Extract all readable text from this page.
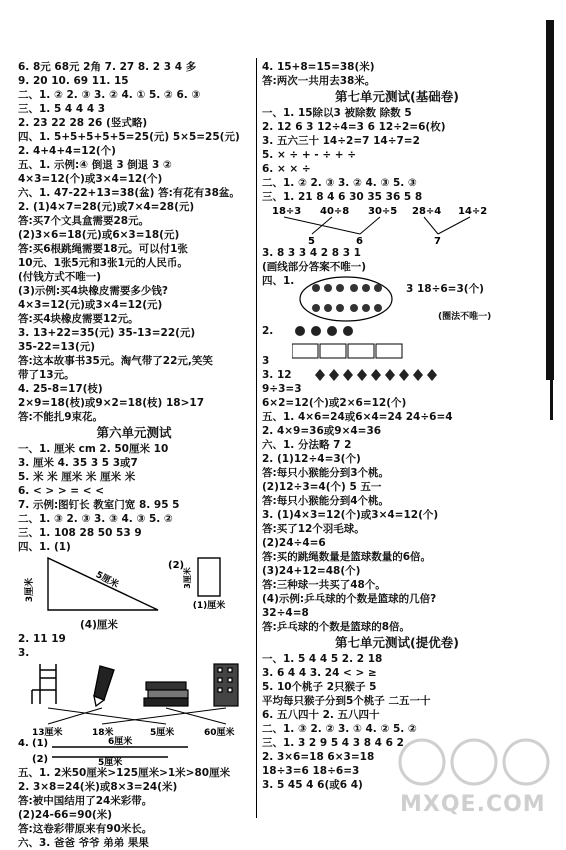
6. 8元 68元 2角 7. 27 8. 2 3 4 多
9. 20 10. 69 11. 15
二、1. ② 2. ③ 3. ② 4. ① 5. ② 6. ③
三、1. 5 4 4 4 3
2. 23 22 28 26 (竖式略)
四、1. 5+5+5+5+5=25(元) 5×5=25(元)
2. 4+4+4=12(个)
五、1. 示例:④ 倒退 3 倒退 3 ②
4×3=12(个)或3×4=12(个)
六、1. 47-22+13=38(盆) 答:有花有38盆。
2. (1)4×7=28(元)或7×4=28(元)
答:买7个文具盒需要28元。
(2)3×6=18(元)或6×3=18(元)
答:买6根跳绳需要18元。可以付1张
10元、1张5元和3张1元的人民币。
(付钱方式不唯一)
(3)示例:买4块橡皮需要多少钱?
4×3=12(元)或3×4=12(元)
答:买4块橡皮需要12元。
3. 13+22=35(元) 35-13=22(元)
35-22=13(元)
答:这本故事书35元。淘气带了22元,笑笑
带了13元。
4. 25-8=17(枝)
2×9=18(枝)或9×2=18(枝) 18>17
答:不能扎9束花。
第六单元测试
一、1. 厘米 cm 2. 50厘米 10
3. 厘米 4. 35 3 5 3或7
5. 米 米 厘米 米 厘米 米
6. < > > = < <
7. 示例:图钉长 教室门宽 8. 95 5
二、1. ③ 2. ③ 3. ③ 4. ③ 5. ②
三、1. 108 28 50 53 9
四、1. (1)
3厘米	5厘米
(2)
3厘米
(1)厘米
(4)厘米
2. 11 19
3.
13厘米	18米	5厘米	60厘米
4. (1)	6厘米
(2)	5厘米
五、1. 2米50厘米>125厘米>1米>80厘米
2. 3×8=24(米)或8×3=24(米)
答:被中国结用了24米彩带。
(2)24-66=90(米)
答:这卷彩带原来有90米长。
六、3. 爸爸 爷爷 弟弟 果果
4. 15+8=15=38(米)
答:两次一共用去38米。
第七单元测试(基础卷)
一、1. 15除以3 被除数 除数 5
2. 12 6 3 12÷4=3 6 12÷2=6(枚)
3. 五六三十 14÷2=7 14÷7=2
5. × ÷ + - ÷ + ÷
6. × × ÷
二、1. ② 2. ③ 3. ② 4. ③ 5. ③
三、1. 21 8 4 6 30 35 36 5 8
18÷3 40÷8 30÷5 28÷4 14÷2
5	6	7
3. 8 3 3 4 2 8 3 1
(画线部分答案不唯一)
四、1.
3 18÷6=3(个)
(圈法不唯一)
2.
3
3. 12
9÷3=3
6×2=12(个)或2×6=12(个)
五、1. 4×6=24或6×4=24 24÷6=4
2. 4×9=36或9×4=36
六、1. 分法略 7 2
2. (1)12÷4=3(个)
答:每只小猴能分到3个桃。
(2)12÷3=4(个) 5 五一
答:每只小猴能分到4个桃。
3. (1)4×3=12(个)或3×4=12(个)
答:买了12个羽毛球。
(2)24÷4=6
答:买的跳绳数量是篮球数量的6倍。
(3)24+12=48(个)
答:三种球一共买了48个。
(4)示例:乒乓球的个数是篮球的几倍?
32÷4=8
答:乒乓球的个数是篮球的8倍。
第七单元测试(提优卷)
一、1. 5 4 4 5 2. 2 18
3. 6 4 4 3. 24 < > ≥
5. 10个桃子 2只猴子 5
平均每只猴子分到5个桃子 二五一十
6. 五八四十 2. 五八四十
二、1. ③ 2. ② 3. ① 4. ② 5. ②
三、1. 3 2 9 5 4 3 8 4 6 2
2. 3×6=18 6×3=18
18÷3=6 18÷6=3
3. 5 45 4 6(或6 4)
MXQE.COM
